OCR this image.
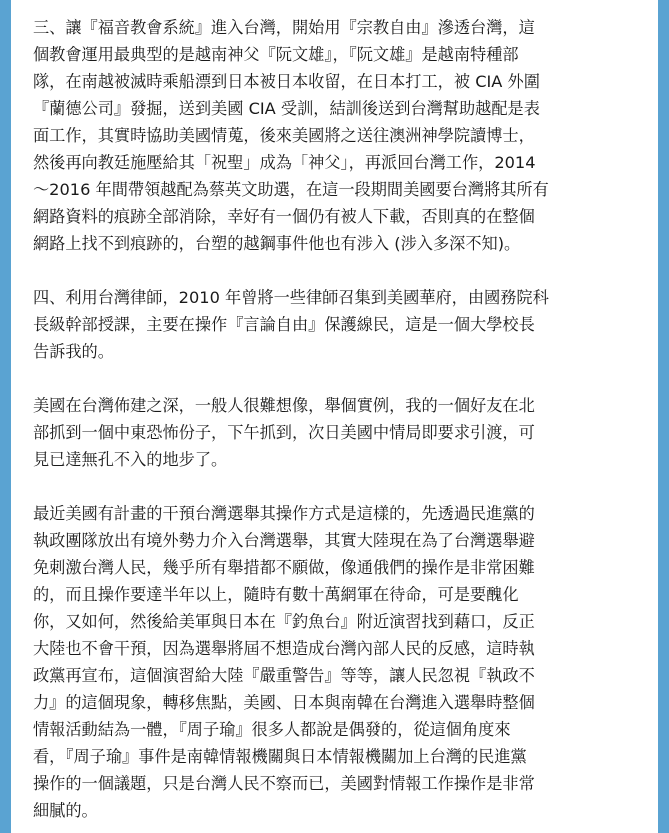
三、讓『福音教會系統』進入台灣，開始用『宗教自由』滲透台灣，這
個教會運用最典型的是越南神父『阮文雄』，『阮文雄』是越南特種部
隊，在南越被滅時乘船漂到日本被日本收留，在日本打工，被 CIA 外圍
『蘭德公司』發掘，送到美國 CIA 受訓，結訓後送到台灣幫助越配是表
面工作，其實時協助美國情蒐，後來美國將之送往澳洲神學院讀博士，
然後再向教廷施壓給其「祝聖」成為「神父」，再派回台灣工作，2014
～2016 年間帶領越配為蔡英文助選，在這一段期間美國要台灣將其所有
網路資料的痕跡全部消除，幸好有一個仍有被人下載，否則真的在整個
網路上找不到痕跡的，台塑的越鋼事件他也有涉入 (涉入多深不知)。
四、利用台灣律師，2010 年曾將一些律師召集到美國華府，由國務院科
長級幹部授課，主要在操作『言論自由』保護線民，這是一個大學校長
告訴我的。
美國在台灣佈建之深，一般人很難想像，舉個實例，我的一個好友在北
部抓到一個中東恐怖份子，下午抓到，次日美國中情局即要求引渡，可
見已達無孔不入的地步了。
最近美國有計畫的干預台灣選舉其操作方式是這樣的，先透過民進黨的
執政團隊放出有境外勢力介入台灣選舉，其實大陸現在為了台灣選舉避
免刺激台灣人民，幾乎所有舉措都不願做，像通俄們的操作是非常困難
的，而且操作要達半年以上，隨時有數十萬網軍在待命，可是要醜化
你，又如何，然後給美軍與日本在『釣魚台』附近演習找到藉口，反正
大陸也不會干預，因為選舉將屆不想造成台灣內部人民的反感，這時執
政黨再宣布，這個演習給大陸『嚴重警告』等等，讓人民忽視『執政不
力』的這個現象，轉移焦點，美國、日本與南韓在台灣進入選舉時整個
情報活動結為一體，『周子瑜』很多人都說是偶發的，從這個角度來
看，『周子瑜』事件是南韓情報機關與日本情報機關加上台灣的民進黨
操作的一個議題，只是台灣人民不察而已，美國對情報工作操作是非常
細膩的。
